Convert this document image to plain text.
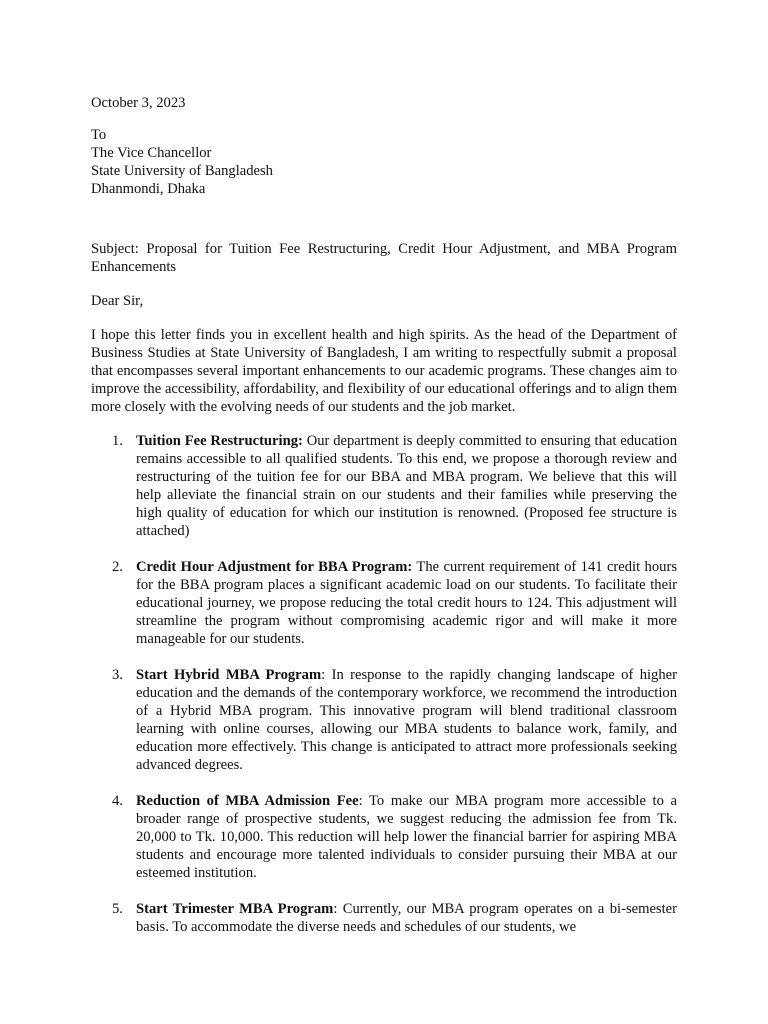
October 3, 2023
To
The Vice Chancellor
State University of Bangladesh
Dhanmondi, Dhaka
Subject: Proposal for Tuition Fee Restructuring, Credit Hour Adjustment, and MBA Program Enhancements
Dear Sir,
I hope this letter finds you in excellent health and high spirits. As the head of the Department of Business Studies at State University of Bangladesh, I am writing to respectfully submit a proposal that encompasses several important enhancements to our academic programs. These changes aim to improve the accessibility, affordability, and flexibility of our educational offerings and to align them more closely with the evolving needs of our students and the job market.
1. Tuition Fee Restructuring: Our department is deeply committed to ensuring that education remains accessible to all qualified students. To this end, we propose a thorough review and restructuring of the tuition fee for our BBA and MBA program. We believe that this will help alleviate the financial strain on our students and their families while preserving the high quality of education for which our institution is renowned. (Proposed fee structure is attached)
2. Credit Hour Adjustment for BBA Program: The current requirement of 141 credit hours for the BBA program places a significant academic load on our students. To facilitate their educational journey, we propose reducing the total credit hours to 124. This adjustment will streamline the program without compromising academic rigor and will make it more manageable for our students.
3. Start Hybrid MBA Program: In response to the rapidly changing landscape of higher education and the demands of the contemporary workforce, we recommend the introduction of a Hybrid MBA program. This innovative program will blend traditional classroom learning with online courses, allowing our MBA students to balance work, family, and education more effectively. This change is anticipated to attract more professionals seeking advanced degrees.
4. Reduction of MBA Admission Fee: To make our MBA program more accessible to a broader range of prospective students, we suggest reducing the admission fee from Tk. 20,000 to Tk. 10,000. This reduction will help lower the financial barrier for aspiring MBA students and encourage more talented individuals to consider pursuing their MBA at our esteemed institution.
5. Start Trimester MBA Program: Currently, our MBA program operates on a bi-semester basis. To accommodate the diverse needs and schedules of our students, we
